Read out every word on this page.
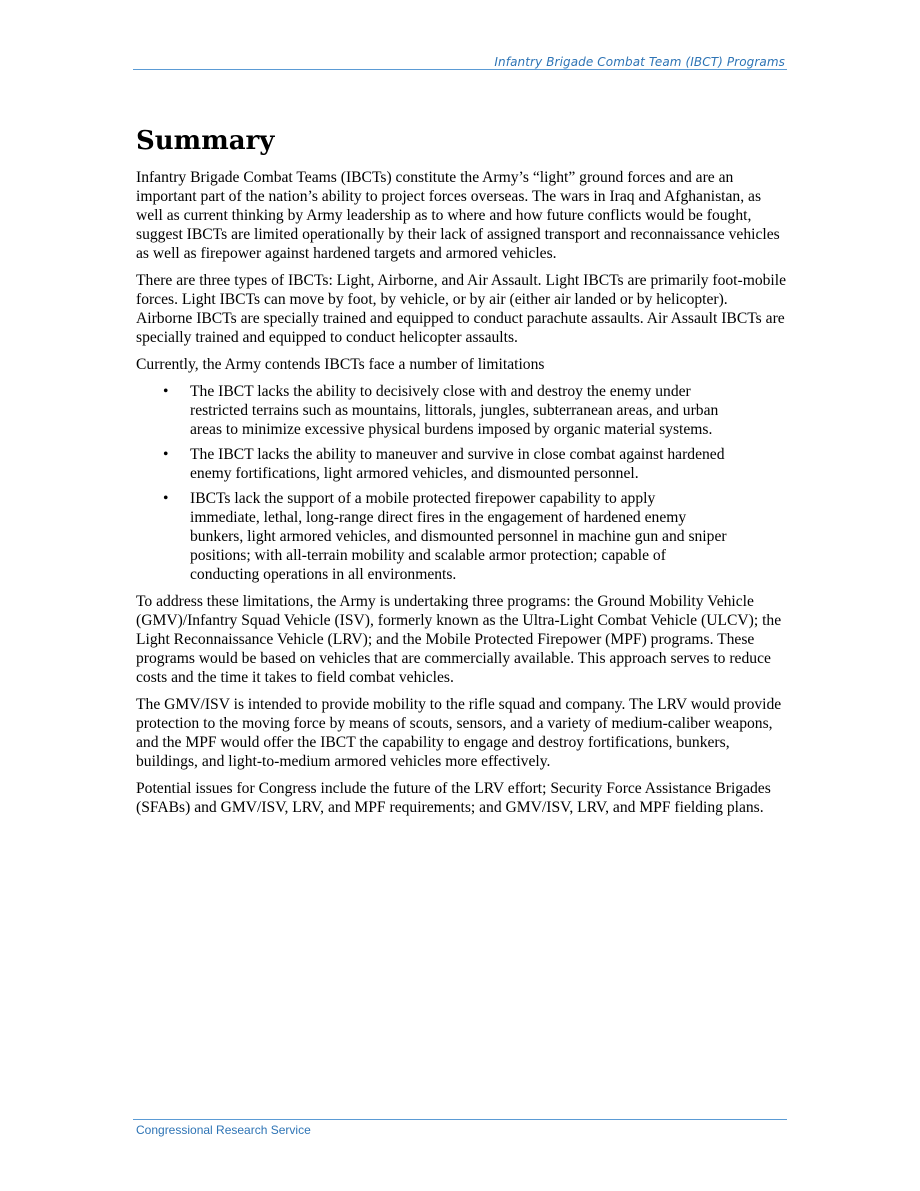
Infantry Brigade Combat Team (IBCT) Programs
Summary

Infantry Brigade Combat Teams (IBCTs) constitute the Army’s “light” ground forces and are an important part of the nation’s ability to project forces overseas. The wars in Iraq and Afghanistan, as well as current thinking by Army leadership as to where and how future conflicts would be fought, suggest IBCTs are limited operationally by their lack of assigned transport and reconnaissance vehicles as well as firepower against hardened targets and armored vehicles.

There are three types of IBCTs: Light, Airborne, and Air Assault. Light IBCTs are primarily foot-mobile forces. Light IBCTs can move by foot, by vehicle, or by air (either air landed or by helicopter). Airborne IBCTs are specially trained and equipped to conduct parachute assaults. Air Assault IBCTs are specially trained and equipped to conduct helicopter assaults.

Currently, the Army contends IBCTs face a number of limitations

• The IBCT lacks the ability to decisively close with and destroy the enemy under restricted terrains such as mountains, littorals, jungles, subterranean areas, and urban areas to minimize excessive physical burdens imposed by organic material systems.
• The IBCT lacks the ability to maneuver and survive in close combat against hardened enemy fortifications, light armored vehicles, and dismounted personnel.
• IBCTs lack the support of a mobile protected firepower capability to apply immediate, lethal, long-range direct fires in the engagement of hardened enemy bunkers, light armored vehicles, and dismounted personnel in machine gun and sniper positions; with all-terrain mobility and scalable armor protection; capable of conducting operations in all environments.

To address these limitations, the Army is undertaking three programs: the Ground Mobility Vehicle (GMV)/Infantry Squad Vehicle (ISV), formerly known as the Ultra-Light Combat Vehicle (ULCV); the Light Reconnaissance Vehicle (LRV); and the Mobile Protected Firepower (MPF) programs. These programs would be based on vehicles that are commercially available. This approach serves to reduce costs and the time it takes to field combat vehicles.

The GMV/ISV is intended to provide mobility to the rifle squad and company. The LRV would provide protection to the moving force by means of scouts, sensors, and a variety of medium-caliber weapons, and the MPF would offer the IBCT the capability to engage and destroy fortifications, bunkers, buildings, and light-to-medium armored vehicles more effectively.

Potential issues for Congress include the future of the LRV effort; Security Force Assistance Brigades (SFABs) and GMV/ISV, LRV, and MPF requirements; and GMV/ISV, LRV, and MPF fielding plans.

Congressional Research Service
